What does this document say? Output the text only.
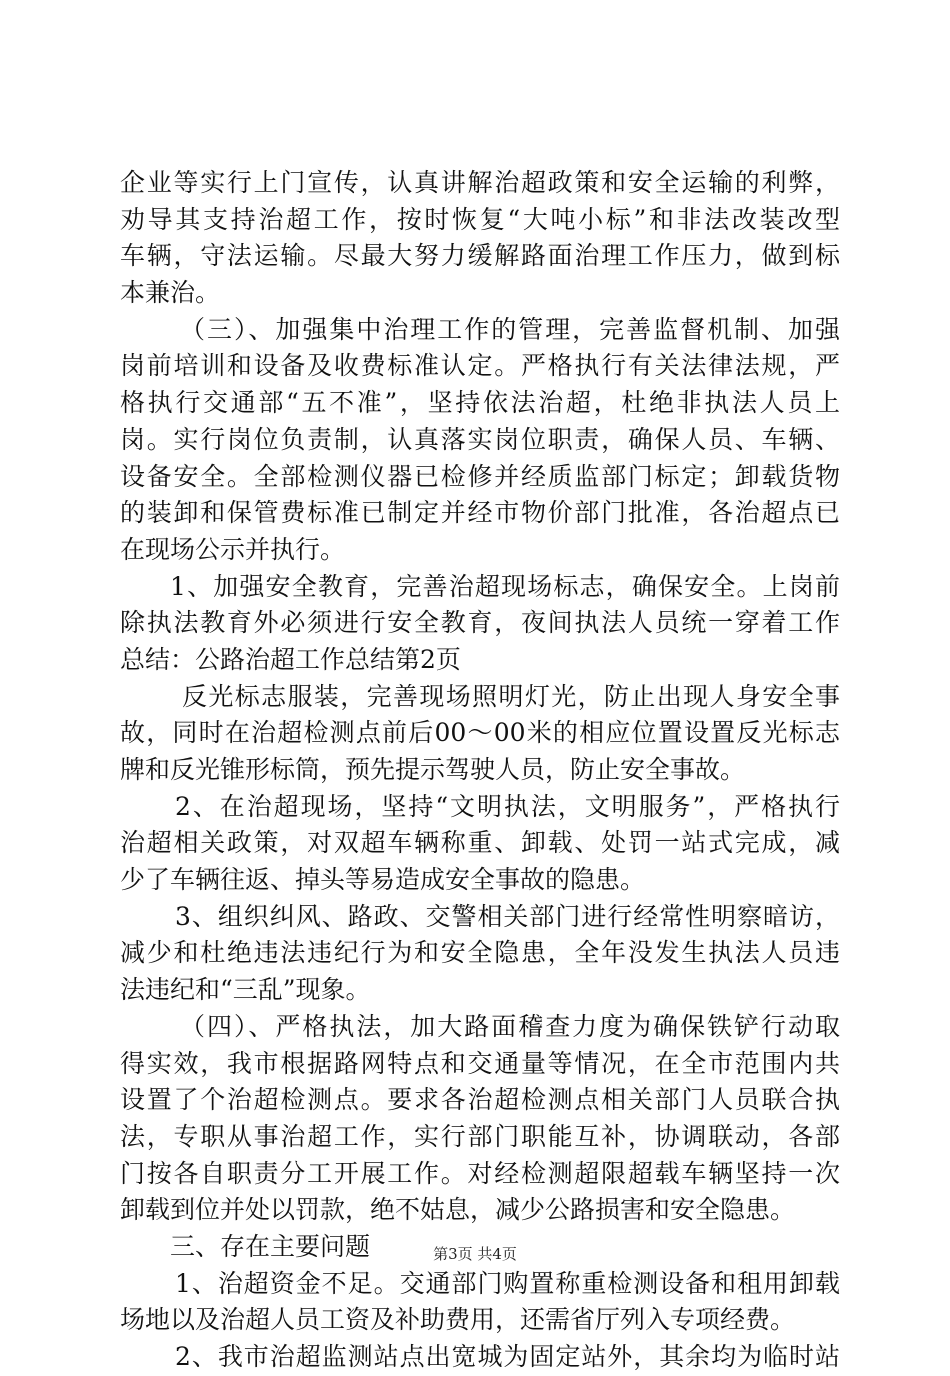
企业等实行上门宣传，认真讲解治超政策和安全运输的利弊，
劝导其支持治超工作，按时恢复“大吨小标”和非法改装改型
车辆，守法运输。尽最大努力缓解路面治理工作压力，做到标
本兼治。
（三）、加强集中治理工作的管理，完善监督机制、加强
岗前培训和设备及收费标准认定。严格执行有关法律法规，严
格执行交通部“五不准”，坚持依法治超，杜绝非执法人员上
岗。实行岗位负责制，认真落实岗位职责，确保人员、车辆、
设备安全。全部检测仪器已检修并经质监部门标定；卸载货物
的装卸和保管费标准已制定并经市物价部门批准，各治超点已
在现场公示并执行。
1、加强安全教育，完善治超现场标志，确保安全。上岗前
除执法教育外必须进行安全教育，夜间执法人员统一穿着工作
总结：公路治超工作总结第2页
反光标志服装，完善现场照明灯光，防止出现人身安全事
故，同时在治超检测点前后00～00米的相应位置设置反光标志
牌和反光锥形标筒，预先提示驾驶人员，防止安全事故。
2、在治超现场，坚持“文明执法，文明服务”，严格执行
治超相关政策，对双超车辆称重、卸载、处罚一站式完成，减
少了车辆往返、掉头等易造成安全事故的隐患。
3、组织纠风、路政、交警相关部门进行经常性明察暗访，
减少和杜绝违法违纪行为和安全隐患，全年没发生执法人员违
法违纪和“三乱”现象。
（四）、严格执法，加大路面稽查力度为确保铁铲行动取
得实效，我市根据路网特点和交通量等情况，在全市范围内共
设置了个治超检测点。要求各治超检测点相关部门人员联合执
法，专职从事治超工作，实行部门职能互补，协调联动，各部
门按各自职责分工开展工作。对经检测超限超载车辆坚持一次
卸载到位并处以罚款，绝不姑息，减少公路损害和安全隐患。
三、存在主要问题
1、治超资金不足。交通部门购置称重检测设备和租用卸载
场地以及治超人员工资及补助费用，还需省厅列入专项经费。
2、我市治超监测站点出宽城为固定站外，其余均为临时站
第3页 共4页
